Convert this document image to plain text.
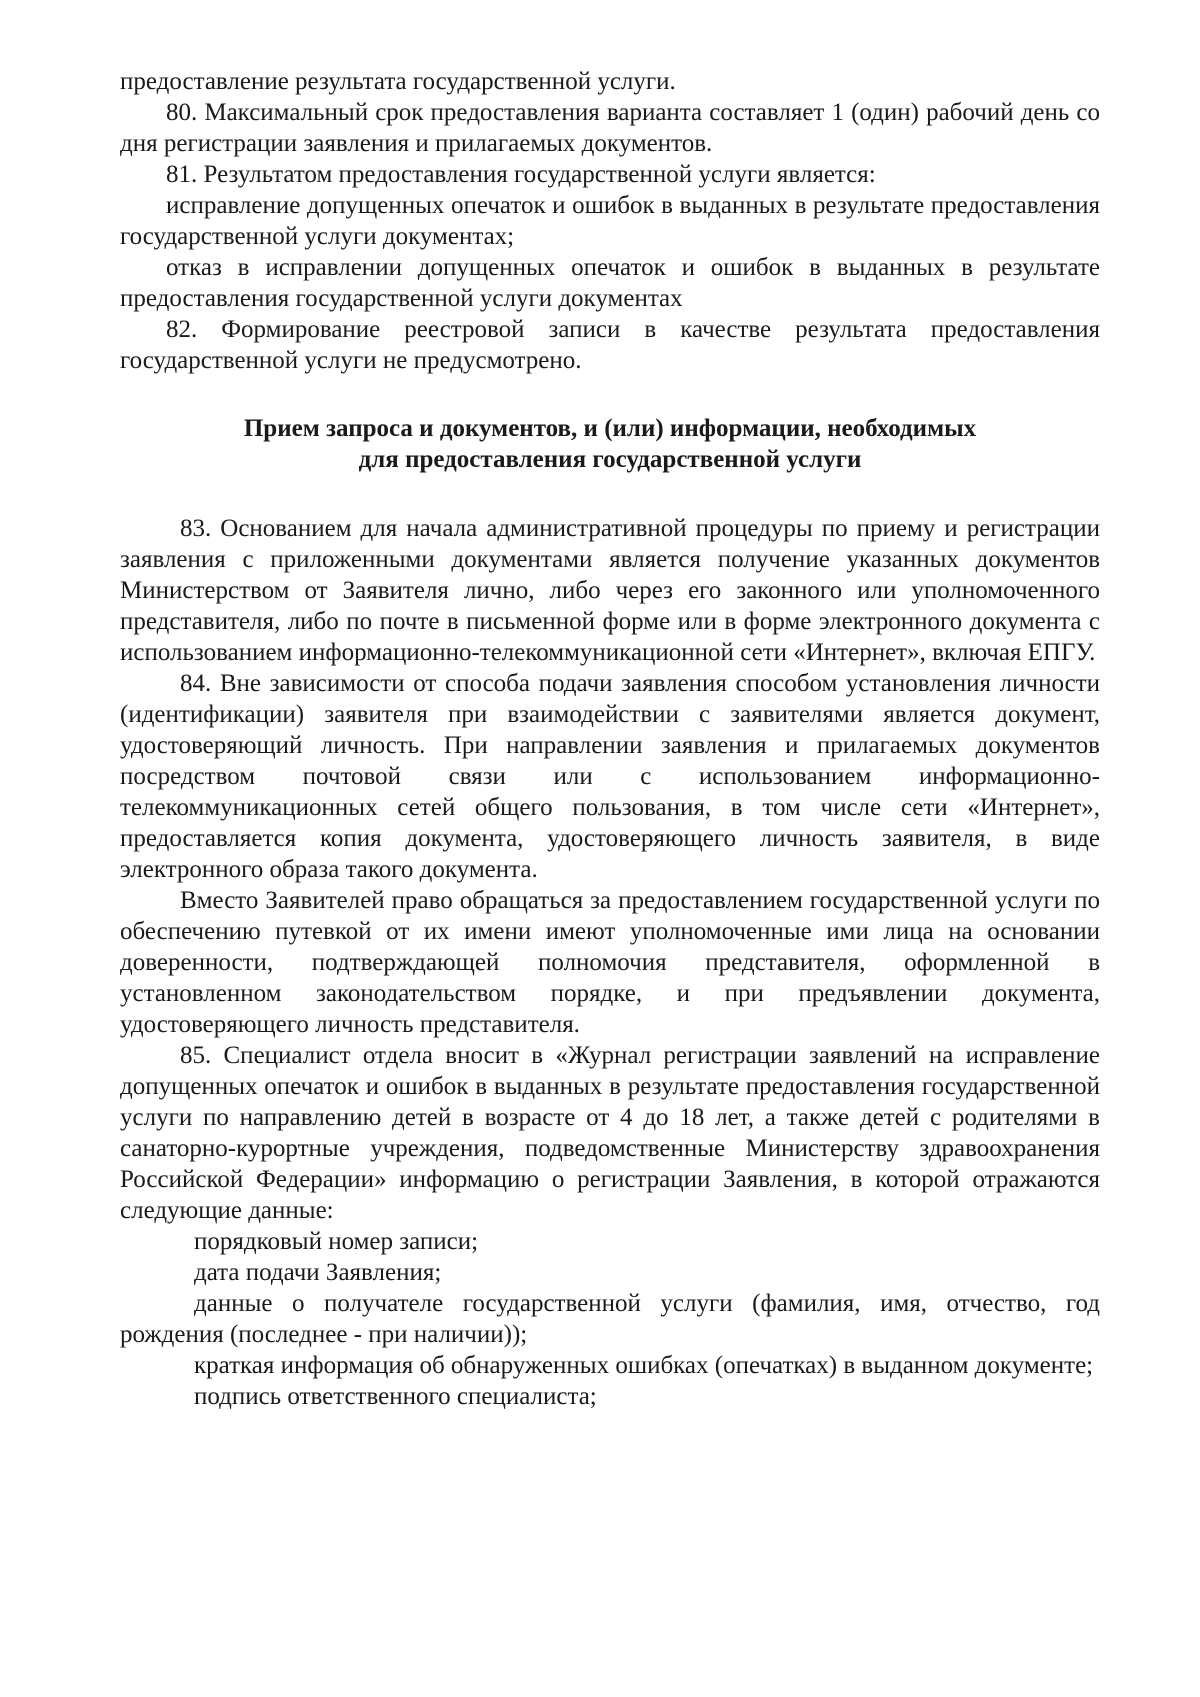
предоставление результата государственной услуги.

80. Максимальный срок предоставления варианта составляет 1 (один) рабочий день со дня регистрации заявления и прилагаемых документов.

81. Результатом предоставления государственной услуги является:

исправление допущенных опечаток и ошибок в выданных в результате предоставления государственной услуги документах;

отказ в исправлении допущенных опечаток и ошибок в выданных в результате предоставления государственной услуги документах

82. Формирование реестровой записи в качестве результата предоставления государственной услуги не предусмотрено.

Прием запроса и документов, и (или) информации, необходимых
для предоставления государственной услуги

83. Основанием для начала административной процедуры по приему и регистрации заявления с приложенными документами является получение указанных документов Министерством от Заявителя лично, либо через его законного или уполномоченного представителя, либо по почте в письменной форме или в форме электронного документа с использованием информационно-телекоммуникационной сети «Интернет», включая ЕПГУ.

84. Вне зависимости от способа подачи заявления способом установления личности (идентификации) заявителя при взаимодействии с заявителями является документ, удостоверяющий личность. При направлении заявления и прилагаемых документов посредством почтовой связи или с использованием информационно-телекоммуникационных сетей общего пользования, в том числе сети «Интернет», предоставляется копия документа, удостоверяющего личность заявителя, в виде электронного образа такого документа.

Вместо Заявителей право обращаться за предоставлением государственной услуги по обеспечению путевкой от их имени имеют уполномоченные ими лица на основании доверенности, подтверждающей полномочия представителя, оформленной в установленном законодательством порядке, и при предъявлении документа, удостоверяющего личность представителя.

85. Специалист отдела вносит в «Журнал регистрации заявлений на исправление допущенных опечаток и ошибок в выданных в результате предоставления государственной услуги по направлению детей в возрасте от 4 до 18 лет, а также детей с родителями в санаторно-курортные учреждения, подведомственные Министерству здравоохранения Российской Федерации» информацию о регистрации Заявления, в которой отражаются следующие данные:

порядковый номер записи;

дата подачи Заявления;

данные о получателе государственной услуги (фамилия, имя, отчество, год рождения (последнее - при наличии));

краткая информация об обнаруженных ошибках (опечатках) в выданном документе;

подпись ответственного специалиста;
